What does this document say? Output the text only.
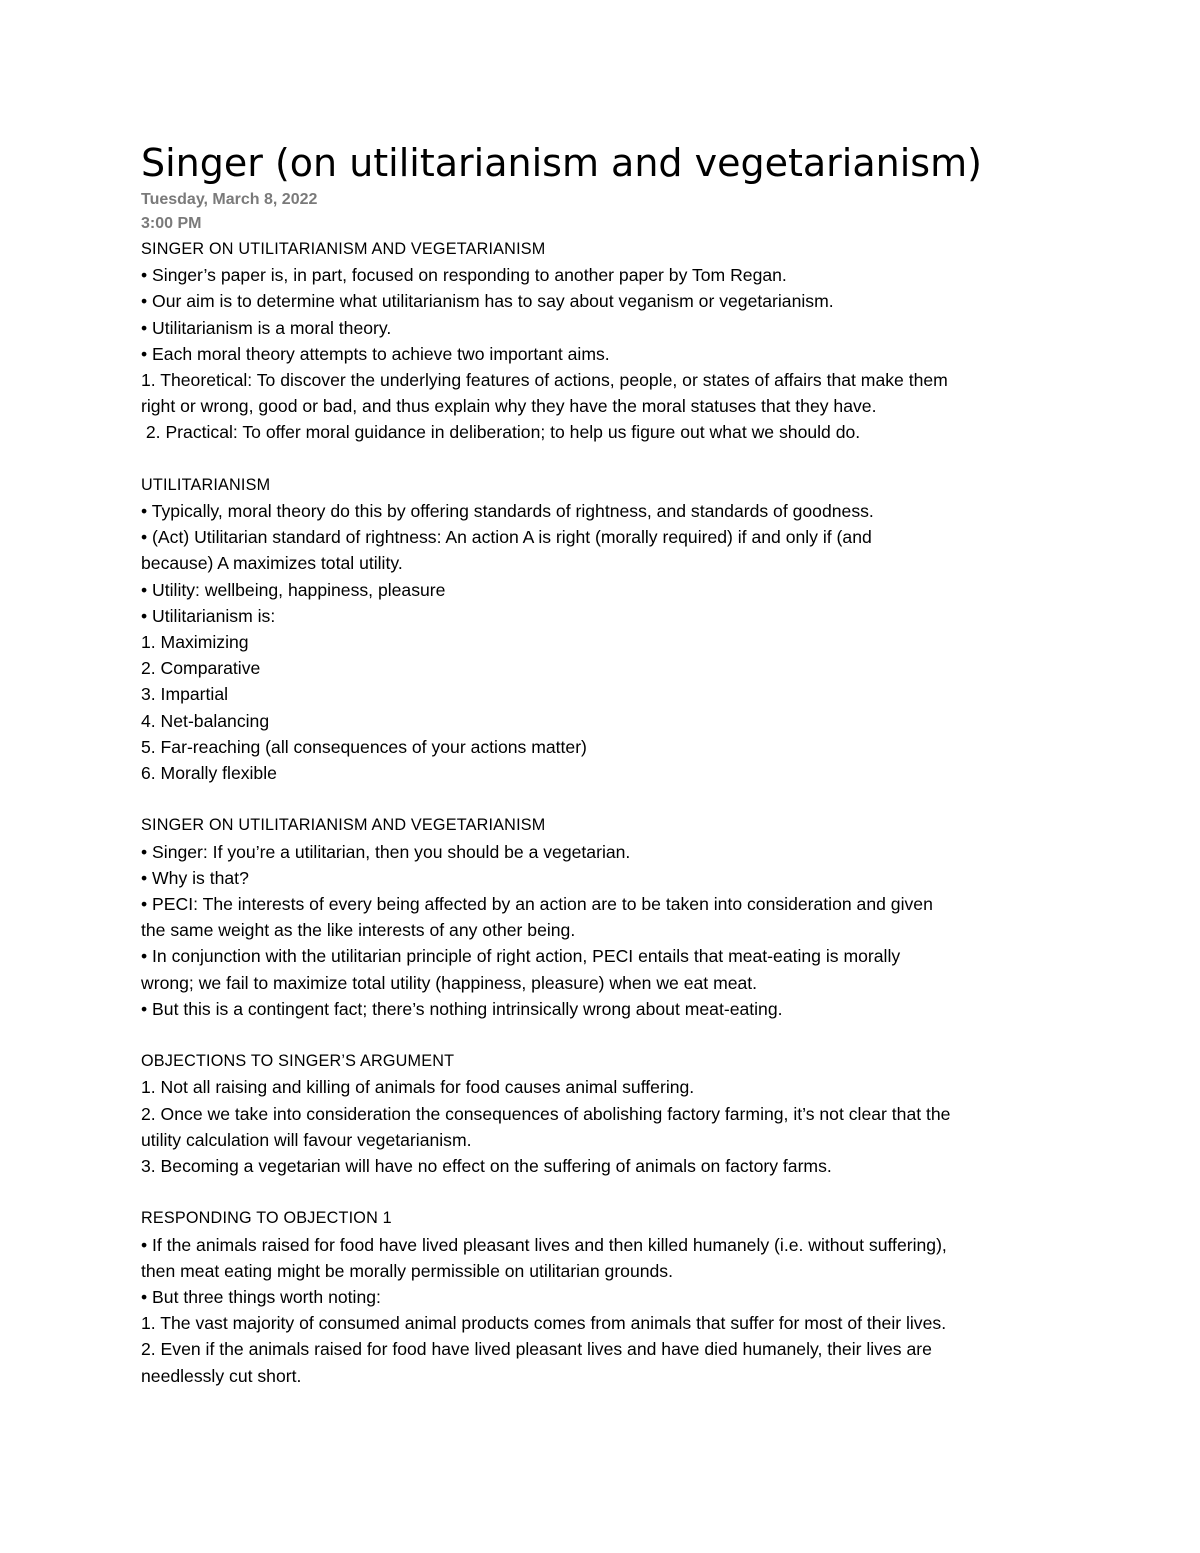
Singer (on utilitarianism and vegetarianism)
Tuesday, March 8, 2022
3:00 PM
SINGER ON UTILITARIANISM AND VEGETARIANISM
• Singer’s paper is, in part, focused on responding to another paper by Tom Regan.
• Our aim is to determine what utilitarianism has to say about veganism or vegetarianism.
• Utilitarianism is a moral theory.
• Each moral theory attempts to achieve two important aims.
1. Theoretical: To discover the underlying features of actions, people, or states of affairs that make them
right or wrong, good or bad, and thus explain why they have the moral statuses that they have.
2. Practical: To offer moral guidance in deliberation; to help us figure out what we should do.
UTILITARIANISM
• Typically, moral theory do this by offering standards of rightness, and standards of goodness.
• (Act) Utilitarian standard of rightness: An action A is right (morally required) if and only if (and
because) A maximizes total utility.
• Utility: wellbeing, happiness, pleasure
• Utilitarianism is:
1. Maximizing
2. Comparative
3. Impartial
4. Net-balancing
5. Far-reaching (all consequences of your actions matter)
6. Morally flexible
SINGER ON UTILITARIANISM AND VEGETARIANISM
• Singer: If you’re a utilitarian, then you should be a vegetarian.
• Why is that?
• PECI: The interests of every being affected by an action are to be taken into consideration and given
the same weight as the like interests of any other being.
• In conjunction with the utilitarian principle of right action, PECI entails that meat-eating is morally
wrong; we fail to maximize total utility (happiness, pleasure) when we eat meat.
• But this is a contingent fact; there’s nothing intrinsically wrong about meat-eating.
OBJECTIONS TO SINGER’S ARGUMENT
1. Not all raising and killing of animals for food causes animal suffering.
2. Once we take into consideration the consequences of abolishing factory farming, it’s not clear that the
utility calculation will favour vegetarianism.
3. Becoming a vegetarian will have no effect on the suffering of animals on factory farms.
RESPONDING TO OBJECTION 1
• If the animals raised for food have lived pleasant lives and then killed humanely (i.e. without suffering),
then meat eating might be morally permissible on utilitarian grounds.
• But three things worth noting:
1. The vast majority of consumed animal products comes from animals that suffer for most of their lives.
2. Even if the animals raised for food have lived pleasant lives and have died humanely, their lives are
needlessly cut short.
